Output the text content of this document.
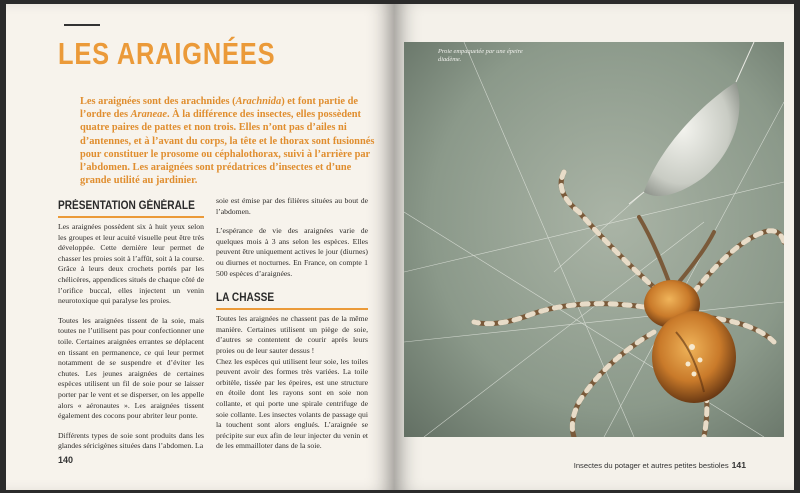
LES ARAIGNÉES
Les araignées sont des arachnides (Arachnida) et font partie de l’ordre des Araneae. À la différence des insectes, elles possèdent quatre paires de pattes et non trois. Elles n’ont pas d’ailes ni d’antennes, et à l’avant du corps, la tête et le thorax sont fusionnés pour constituer le prosome ou céphalothorax, suivi à l’arrière par l’abdomen. Les araignées sont prédatrices d’insectes et d’une grande utilité au jardinier.
PRÉSENTATION GÉNÉRALE

Les araignées possèdent six à huit yeux selon les groupes et leur acuité visuelle peut être très développée. Cette dernière leur permet de chasser les proies soit à l’affût, soit à la course. Grâce à leurs deux crochets portés par les chélicères, appendices situés de chaque côté de l’orifice buccal, elles injectent un venin neurotoxique qui paralyse les proies.

Toutes les araignées tissent de la soie, mais toutes ne l’utilisent pas pour confectionner une toile. Certaines araignées errantes se déplacent en tissant en permanence, ce qui leur permet notamment de se suspendre et d’éviter les chutes. Les jeunes araignées de certaines espèces utilisent un fil de soie pour se laisser porter par le vent et se disperser, on les appelle alors « aéronautes ». Les araignées tissent également des cocons pour abriter leur ponte.

Différents types de soie sont produits dans les glandes séricigènes situées dans l’abdomen. La

soie est émise par des filières situées au bout de l’abdomen.

L’espérance de vie des araignées varie de quelques mois à 3 ans selon les espèces. Elles peuvent être uniquement actives le jour (diurnes) ou diurnes et nocturnes. En France, on compte 1 500 espèces d’araignées.

LA CHASSE

Toutes les araignées ne chassent pas de la même manière. Certaines utilisent un piège de soie, d’autres se contentent de courir après leurs proies ou de leur sauter dessus !

Chez les espèces qui utilisent leur soie, les toiles peuvent avoir des formes très variées. La toile orbitèle, tissée par les épeires, est une structure en étoile dont les rayons sont en soie non collante, et qui porte une spirale centrifuge de soie collante. Les insectes volants de passage qui la touchent sont alors englués. L’araignée se précipite sur eux afin de leur injecter du venin et de les emmailloter dans de la soie.

140
Insectes du potager et autres petites bestioles 141
Proie empaquetée par une épeire diadème.
